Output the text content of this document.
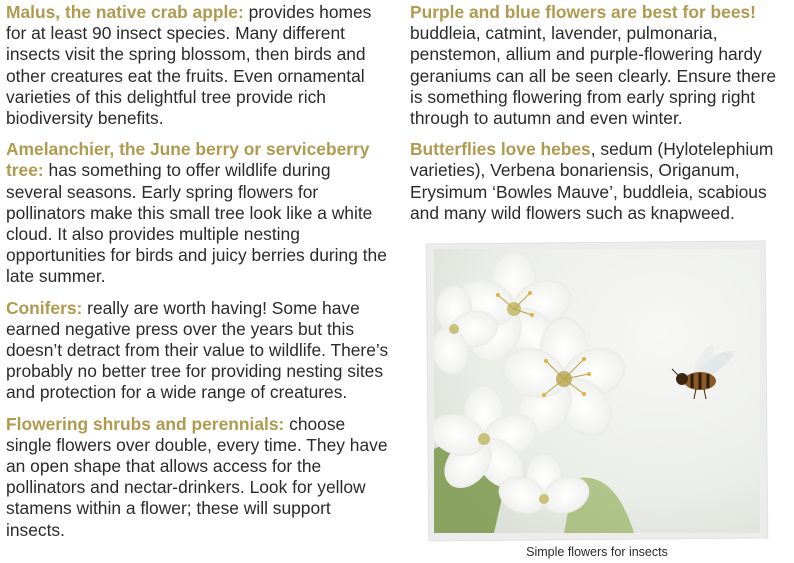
Malus, the native crab apple: provides homes for at least 90 insect species. Many different insects visit the spring blossom, then birds and other creatures eat the fruits. Even ornamental varieties of this delightful tree provide rich biodiversity benefits.

Amelanchier, the June berry or serviceberry tree: has something to offer wildlife during several seasons. Early spring flowers for pollinators make this small tree look like a white cloud. It also provides multiple nesting opportunities for birds and juicy berries during the late summer.

Conifers: really are worth having! Some have earned negative press over the years but this doesn’t detract from their value to wildlife. There’s probably no better tree for providing nesting sites and protection for a wide range of creatures.

Flowering shrubs and perennials: choose single flowers over double, every time. They have an open shape that allows access for the pollinators and nectar-drinkers. Look for yellow stamens within a flower; these will support insects.

Purple and blue flowers are best for bees! buddleia, catmint, lavender, pulmonaria, penstemon, allium and purple-flowering hardy geraniums can all be seen clearly. Ensure there is something flowering from early spring right through to autumn and even winter.

Butterflies love hebes, sedum (Hylotelephium varieties), Verbena bonariensis, Origanum, Erysimum ‘Bowles Mauve’, buddleia, scabious and many wild flowers such as knapweed.

Simple flowers for insects
